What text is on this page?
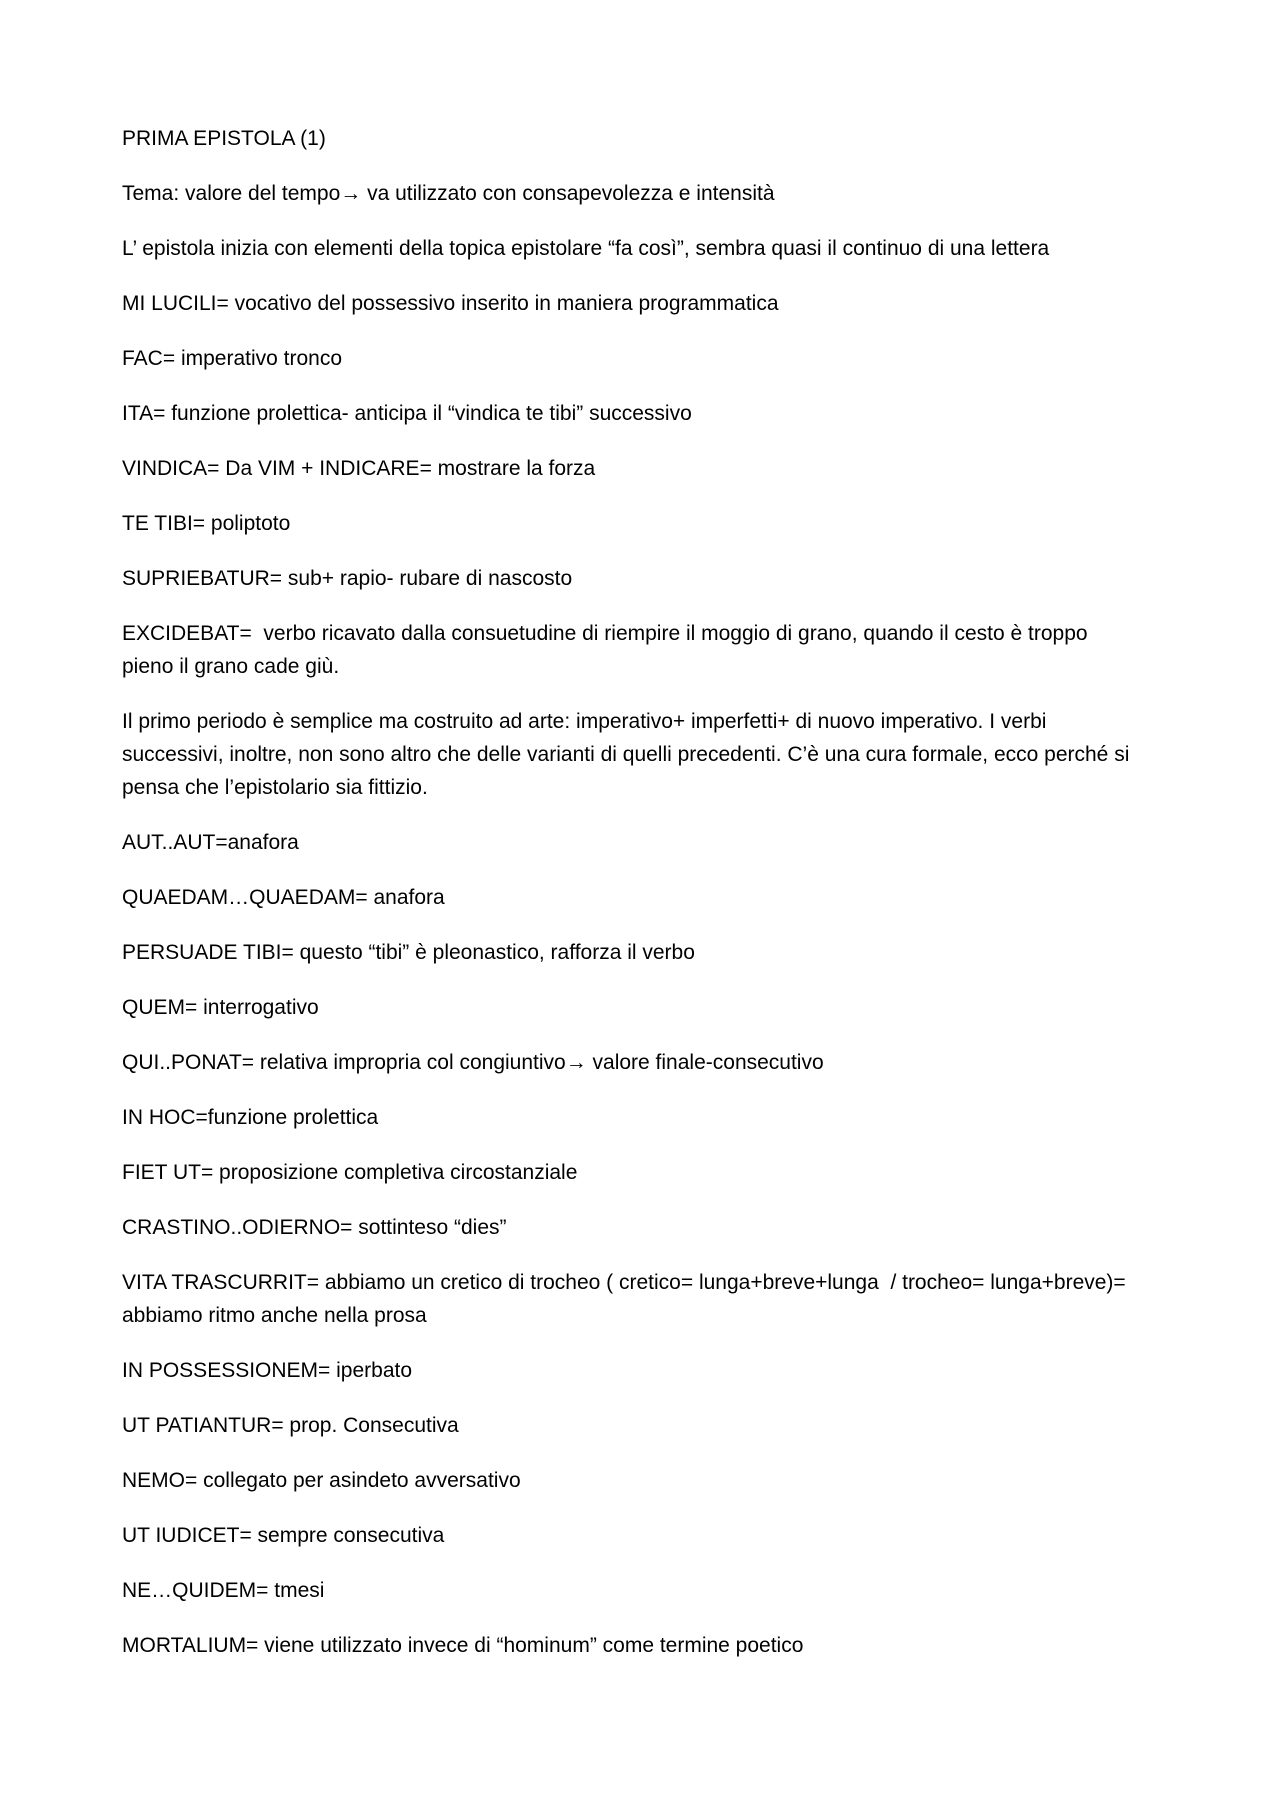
PRIMA EPISTOLA (1)

Tema: valore del tempo→ va utilizzato con consapevolezza e intensità

L’ epistola inizia con elementi della topica epistolare “fa così”, sembra quasi il continuo di una lettera

MI LUCILI= vocativo del possessivo inserito in maniera programmatica

FAC= imperativo tronco

ITA= funzione prolettica- anticipa il “vindica te tibi” successivo

VINDICA= Da VIM + INDICARE= mostrare la forza

TE TIBI= poliptoto

SUPRIEBATUR= sub+ rapio- rubare di nascosto

EXCIDEBAT=  verbo ricavato dalla consuetudine di riempire il moggio di grano, quando il cesto è troppo pieno il grano cade giù.

Il primo periodo è semplice ma costruito ad arte: imperativo+ imperfetti+ di nuovo imperativo. I verbi successivi, inoltre, non sono altro che delle varianti di quelli precedenti. C’è una cura formale, ecco perché si pensa che l’epistolario sia fittizio.

AUT..AUT=anafora

QUAEDAM…QUAEDAM= anafora

PERSUADE TIBI= questo “tibi” è pleonastico, rafforza il verbo

QUEM= interrogativo

QUI..PONAT= relativa impropria col congiuntivo→ valore finale-consecutivo

IN HOC=funzione prolettica

FIET UT= proposizione completiva circostanziale

CRASTINO..ODIERNO= sottinteso “dies”

VITA TRASCURRIT= abbiamo un cretico di trocheo ( cretico= lunga+breve+lunga  / trocheo= lunga+breve)= abbiamo ritmo anche nella prosa

IN POSSESSIONEM= iperbato

UT PATIANTUR= prop. Consecutiva

NEMO= collegato per asindeto avversativo

UT IUDICET= sempre consecutiva

NE…QUIDEM= tmesi

MORTALIUM= viene utilizzato invece di “hominum” come termine poetico
